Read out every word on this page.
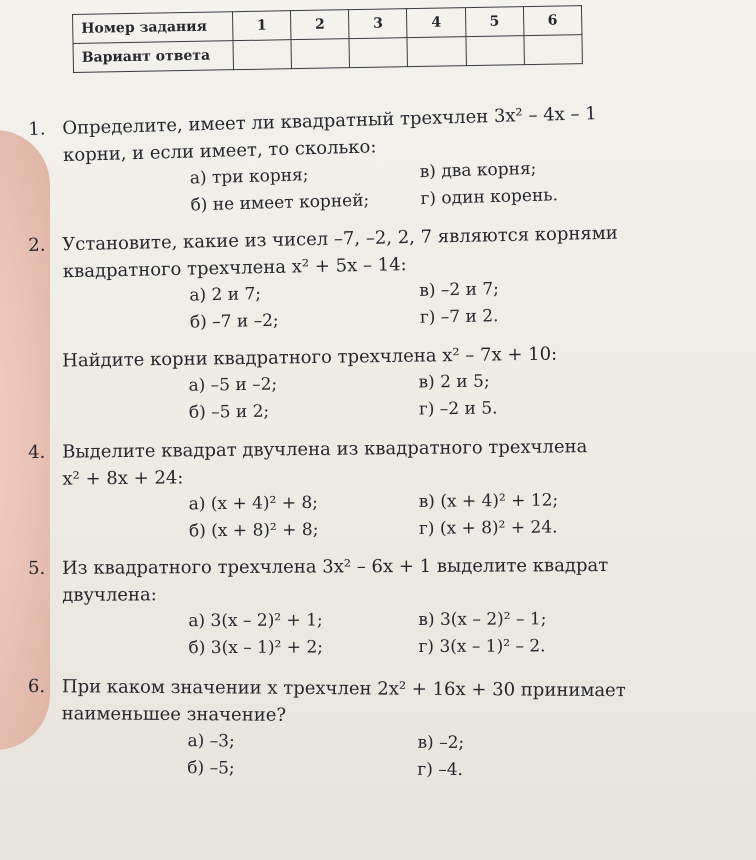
Номер задания	1	2	3	4	5	6
Вариант ответа						
1. Определите, имеет ли квадратный трехчлен 3x² – 4x – 1
корни, и если имеет, то сколько:
а) три корня;	в) два корня;
б) не имеет корней;	г) один корень.
2. Установите, какие из чисел –7, –2, 2, 7 являются корнями
квадратного трехчлена x² + 5x – 14:
а) 2 и 7;	в) –2 и 7;
б) –7 и –2;	г) –7 и 2.
Найдите корни квадратного трехчлена x² – 7x + 10:
а) –5 и –2;	в) 2 и 5;
б) –5 и 2;	г) –2 и 5.
4. Выделите квадрат двучлена из квадратного трехчлена
x² + 8x + 24:
а) (x + 4)² + 8;	в) (x + 4)² + 12;
б) (x + 8)² + 8;	г) (x + 8)² + 24.
5. Из квадратного трехчлена 3x² – 6x + 1 выделите квадрат
двучлена:
а) 3(x – 2)² + 1;	в) 3(x – 2)² – 1;
б) 3(x – 1)² + 2;	г) 3(x – 1)² – 2.
6. При каком значении x трехчлен 2x² + 16x + 30 принимает
наименьшее значение?
а) –3;	в) –2;
б) –5;	г) –4.
